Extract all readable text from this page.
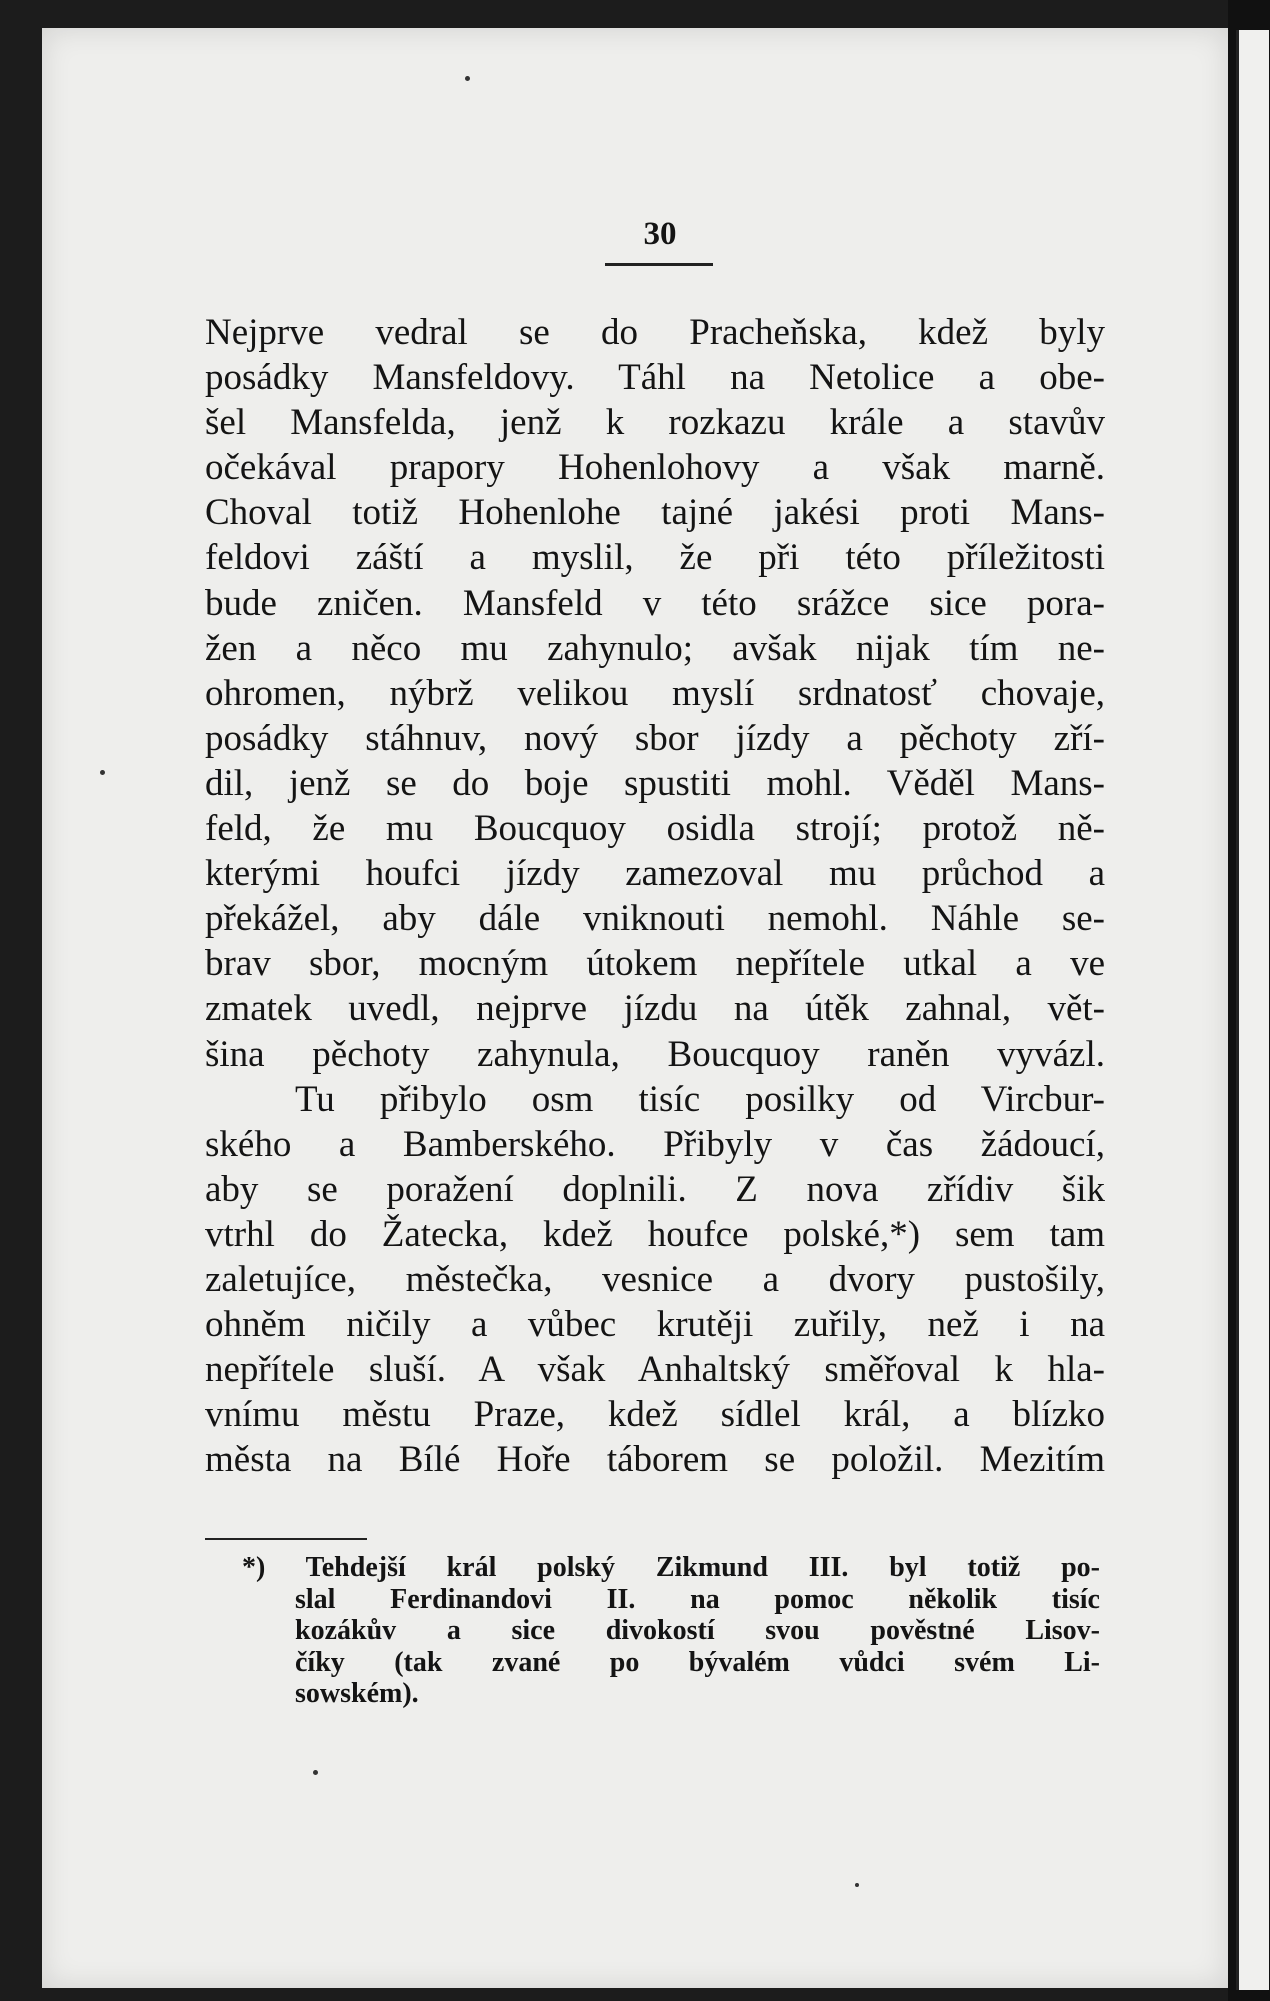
30
Nejprve vedral se do Pracheňska, kdež byly
posádky Mansfeldovy. Táhl na Netolice a obe-
šel Mansfelda, jenž k rozkazu krále a stavův
očekával prapory Hohenlohovy a však marně.
Choval totiž Hohenlohe tajné jakési proti Mans-
feldovi záští a myslil, že při této příležitosti
bude zničen. Mansfeld v této srážce sice pora-
žen a něco mu zahynulo; avšak nijak tím ne-
ohromen, nýbrž velikou myslí srdnatosť chovaje,
posádky stáhnuv, nový sbor jízdy a pěchoty zří-
dil, jenž se do boje spustiti mohl. Věděl Mans-
feld, že mu Boucquoy osidla strojí; protož ně-
kterými houfci jízdy zamezoval mu průchod a
překážel, aby dále vniknouti nemohl. Náhle se-
brav sbor, mocným útokem nepřítele utkal a ve
zmatek uvedl, nejprve jízdu na útěk zahnal, vět-
šina pěchoty zahynula, Boucquoy raněn vyvázl.
Tu přibylo osm tisíc posilky od Vircbur-
ského a Bamberského. Přibyly v čas žádoucí,
aby se poražení doplnili. Z nova zřídiv šik
vtrhl do Žatecka, kdež houfce polské,*) sem tam
zaletujíce, městečka, vesnice a dvory pustošily,
ohněm ničily a vůbec krutěji zuřily, než i na
nepřítele sluší. A však Anhaltský směřoval k hla-
vnímu městu Praze, kdež sídlel král, a blízko
města na Bílé Hoře táborem se položil. Mezitím
*) Tehdejší král polský Zikmund III. byl totiž po-
slal Ferdinandovi II. na pomoc několik tisíc
kozákův a sice divokostí svou pověstné Lisov-
číky (tak zvané po bývalém vůdci svém Li-
sowském).
